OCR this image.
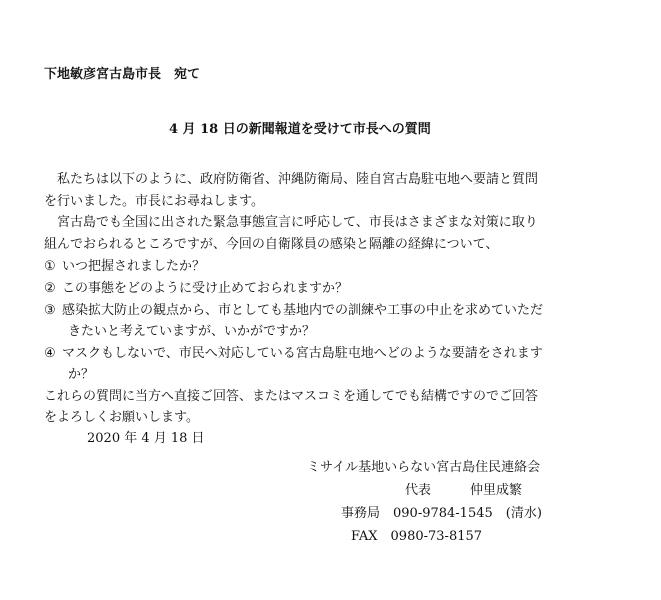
下地敏彦宮古島市長　宛て
4 月 18 日の新聞報道を受けて市長への質問
　私たちは以下のように、政府防衛省、沖縄防衛局、陸自宮古島駐屯地へ要請と質問
を行いました。市長にお尋ねします。
　宮古島でも全国に出された緊急事態宣言に呼応して、市長はさまざまな対策に取り
組んでおられるところですが、今回の自衛隊員の感染と隔離の経緯について、
① いつ把握されましたか？
② この事態をどのように受け止めておられますか？
③ 感染拡大防止の観点から、市としても基地内での訓練や工事の中止を求めていただ
きたいと考えていますが、いかがですか？
④ マスクもしないで、市民へ対応している宮古島駐屯地へどのような要請をされます
か？
これらの質問に当方へ直接ご回答、またはマスコミを通してでも結構ですのでご回答
をよろしくお願いします。
2020 年 4 月 18 日
ミサイル基地いらない宮古島住民連絡会
代表　　　仲里成繁
事務局　090-9784-1545　(清水)
FAX　0980-73-8157
